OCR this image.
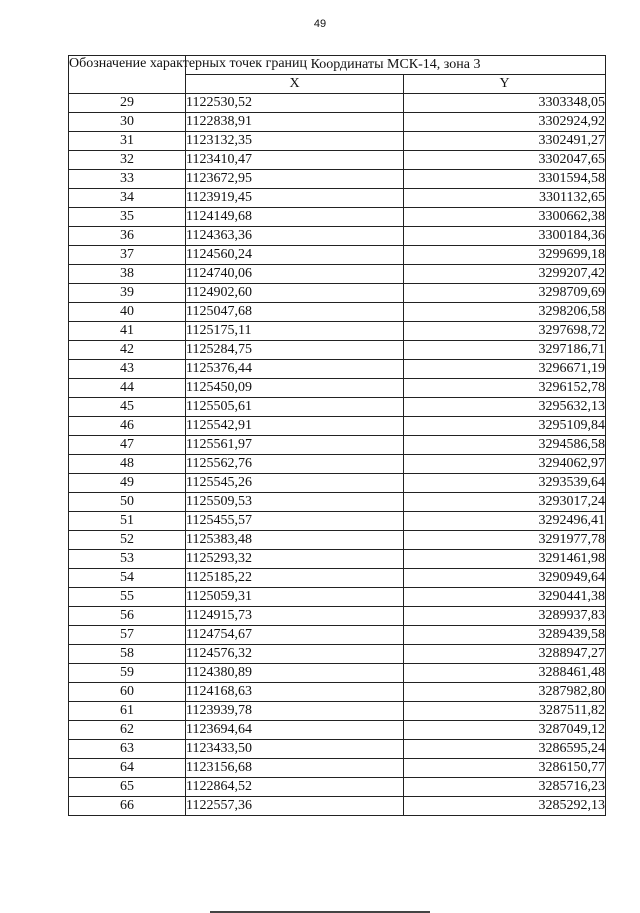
49
Обозначение характерных точек границ	Координаты МСК-14, зона 3	
	X	Y
29	1122530,52	3303348,05
30	1122838,91	3302924,92
31	1123132,35	3302491,27
32	1123410,47	3302047,65
33	1123672,95	3301594,58
34	1123919,45	3301132,65
35	1124149,68	3300662,38
36	1124363,36	3300184,36
37	1124560,24	3299699,18
38	1124740,06	3299207,42
39	1124902,60	3298709,69
40	1125047,68	3298206,58
41	1125175,11	3297698,72
42	1125284,75	3297186,71
43	1125376,44	3296671,19
44	1125450,09	3296152,78
45	1125505,61	3295632,13
46	1125542,91	3295109,84
47	1125561,97	3294586,58
48	1125562,76	3294062,97
49	1125545,26	3293539,64
50	1125509,53	3293017,24
51	1125455,57	3292496,41
52	1125383,48	3291977,78
53	1125293,32	3291461,98
54	1125185,22	3290949,64
55	1125059,31	3290441,38
56	1124915,73	3289937,83
57	1124754,67	3289439,58
58	1124576,32	3288947,27
59	1124380,89	3288461,48
60	1124168,63	3287982,80
61	1123939,78	3287511,82
62	1123694,64	3287049,12
63	1123433,50	3286595,24
64	1123156,68	3286150,77
65	1122864,52	3285716,23
66	1122557,36	3285292,13
